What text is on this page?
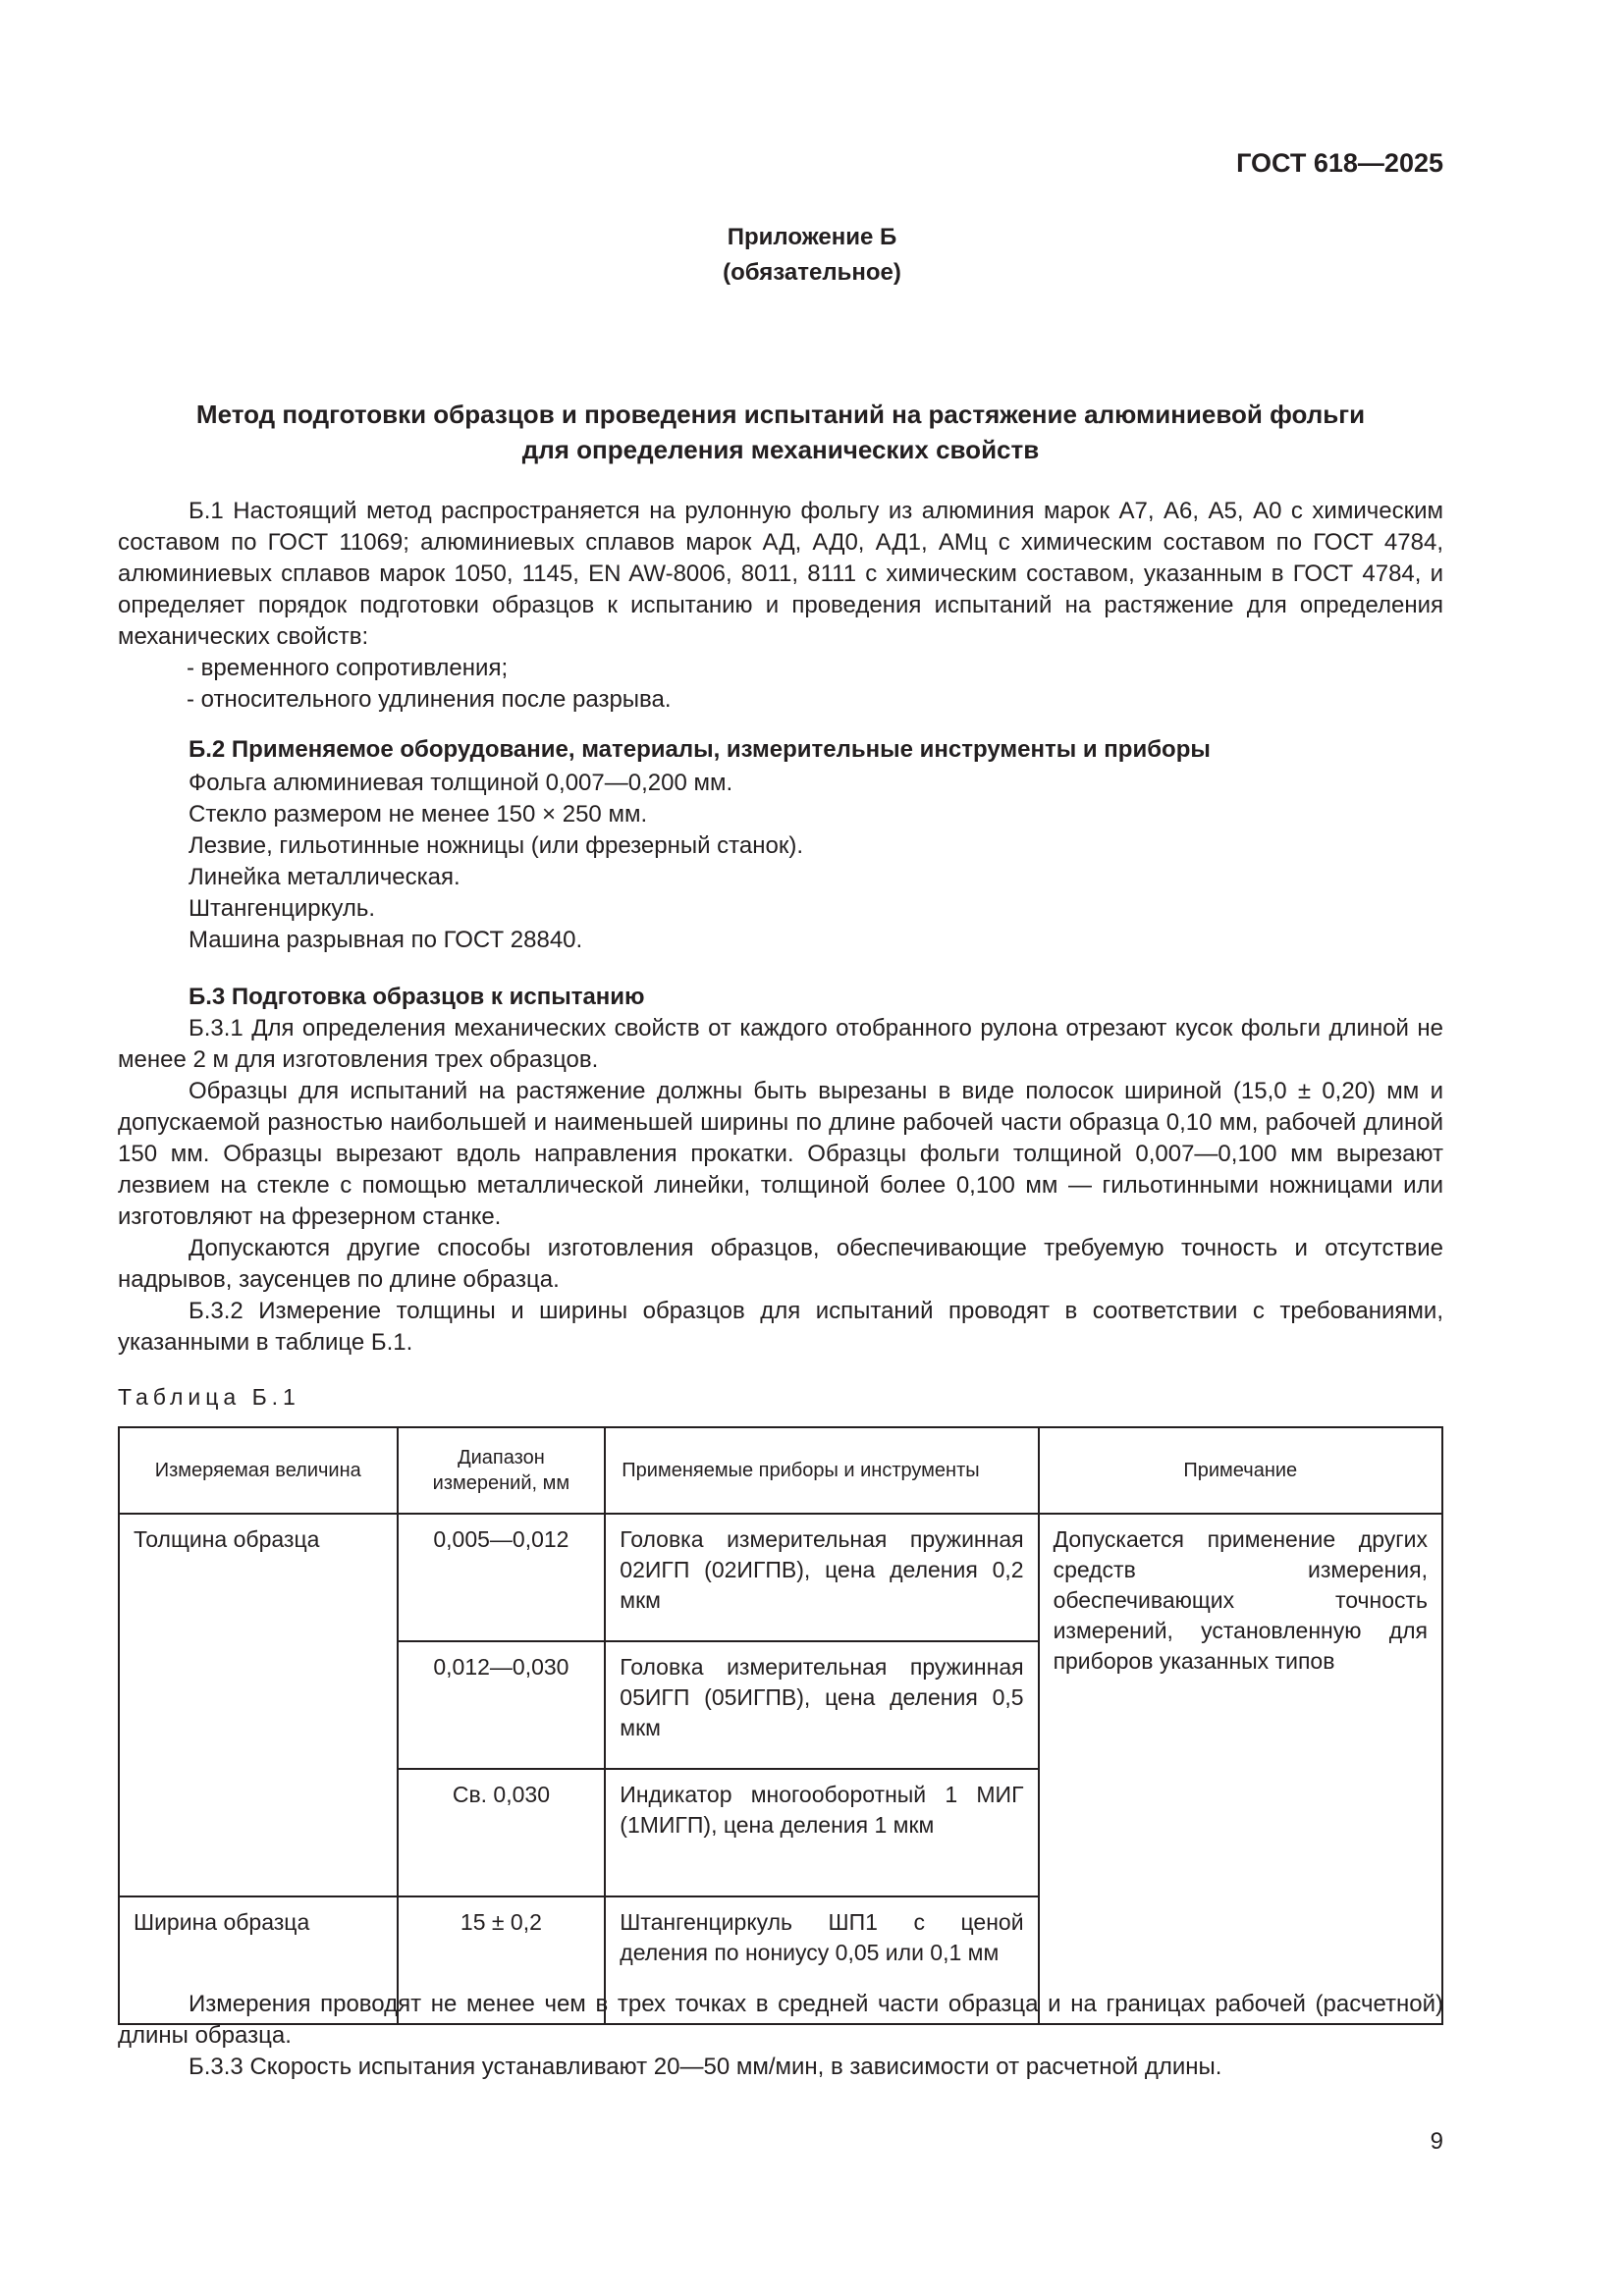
ГОСТ 618—2025
Приложение Б
(обязательное)
Метод подготовки образцов и проведения испытаний на растяжение алюминиевой фольги
для определения механических свойств

Б.1 Настоящий метод распространяется на рулонную фольгу из алюминия марок А7, А6, А5, А0 с химическим составом по ГОСТ 11069; алюминиевых сплавов марок АД, АД0, АД1, АМц с химическим составом по ГОСТ 4784, алюминиевых сплавов марок 1050, 1145, EN AW-8006, 8011, 8111 с химическим составом, указанным в ГОСТ 4784, и определяет порядок подготовки образцов к испытанию и проведения испытаний на растяжение для определения механических свойств:

- временного сопротивления;

- относительного удлинения после разрыва.

Б.2 Применяемое оборудование, материалы, измерительные инструменты и приборы

Фольга алюминиевая толщиной 0,007—0,200 мм.

Стекло размером не менее 150 × 250 мм.

Лезвие, гильотинные ножницы (или фрезерный станок).

Линейка металлическая.

Штангенциркуль.

Машина разрывная по ГОСТ 28840.

Б.3 Подготовка образцов к испытанию

Б.3.1 Для определения механических свойств от каждого отобранного рулона отрезают кусок фольги длиной не менее 2 м для изготовления трех образцов.

Образцы для испытаний на растяжение должны быть вырезаны в виде полосок шириной (15,0 ± 0,20) мм и допускаемой разностью наибольшей и наименьшей ширины по длине рабочей части образца 0,10 мм, рабочей длиной 150 мм. Образцы вырезают вдоль направления прокатки. Образцы фольги толщиной 0,007—0,100 мм вырезают лезвием на стекле с помощью металлической линейки, толщиной более 0,100 мм — гильотинными ножницами или изготовляют на фрезерном станке.

Допускаются другие способы изготовления образцов, обеспечивающие требуемую точность и отсутствие надрывов, заусенцев по длине образца.

Б.3.2 Измерение толщины и ширины образцов для испытаний проводят в соответствии с требованиями, указанными в таблице Б.1.

Таблица Б.1
Измеряемая величина	Диапазон измерений, мм	Применяемые приборы и инструменты	Примечание
Толщина образца	0,005—0,012	Головка измерительная пружинная 02ИГП (02ИГПВ), цена деления 0,2 мкм	Допускается применение других средств измерения, обеспечивающих точность измерений, установленную для приборов указанных типов
	0,012—0,030	Головка измерительная пружинная 05ИГП (05ИГПВ), цена деления 0,5 мкм	
	Св. 0,030	Индикатор многооборотный 1 МИГ (1МИГП), цена деления 1 мкм	
Ширина образца	15 ± 0,2	Штангенциркуль ШП1 с ценой деления по нониусу 0,05 или 0,1 мм	

Измерения проводят не менее чем в трех точках в средней части образца и на границах рабочей (расчетной) длины образца.

Б.3.3 Скорость испытания устанавливают 20—50 мм/мин, в зависимости от расчетной длины.

9
